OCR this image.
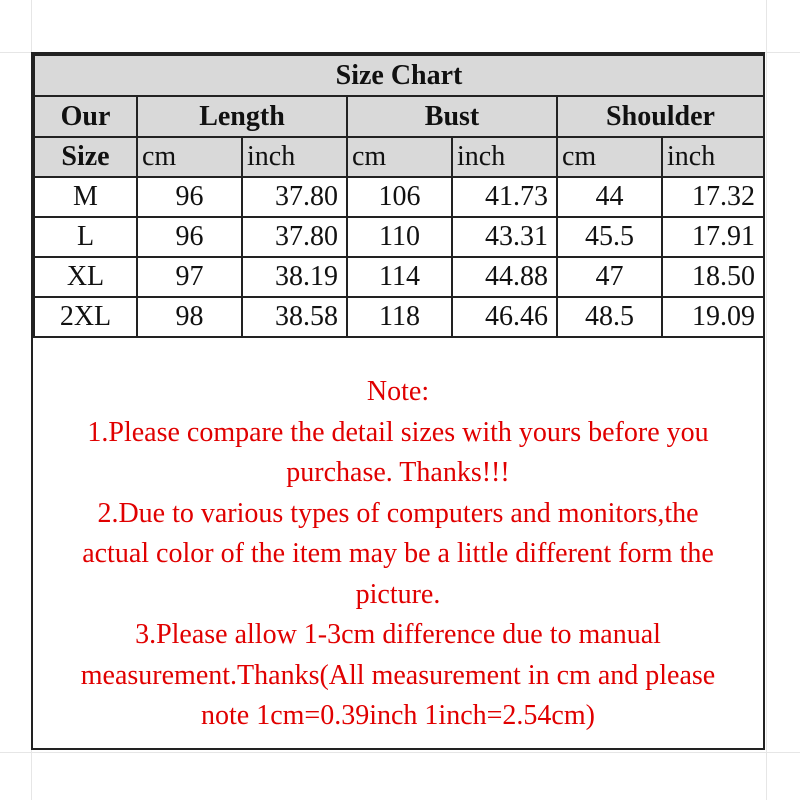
Size Chart						
Our	Length		Bust		Shoulder	
Size	cm	inch	cm	inch	cm	inch
M	96	37.80	106	41.73	44	17.32
L	96	37.80	110	43.31	45.5	17.91
XL	97	38.19	114	44.88	47	18.50
2XL	98	38.58	118	46.46	48.5	19.09

Note:

1.Please compare the detail sizes with yours before you

purchase. Thanks!!!

2.Due to various types of computers and monitors,the

actual color of the item may be a little different form the

picture.

3.Please allow 1-3cm difference due to manual

measurement.Thanks(All measurement in cm and please

note 1cm=0.39inch 1inch=2.54cm)
